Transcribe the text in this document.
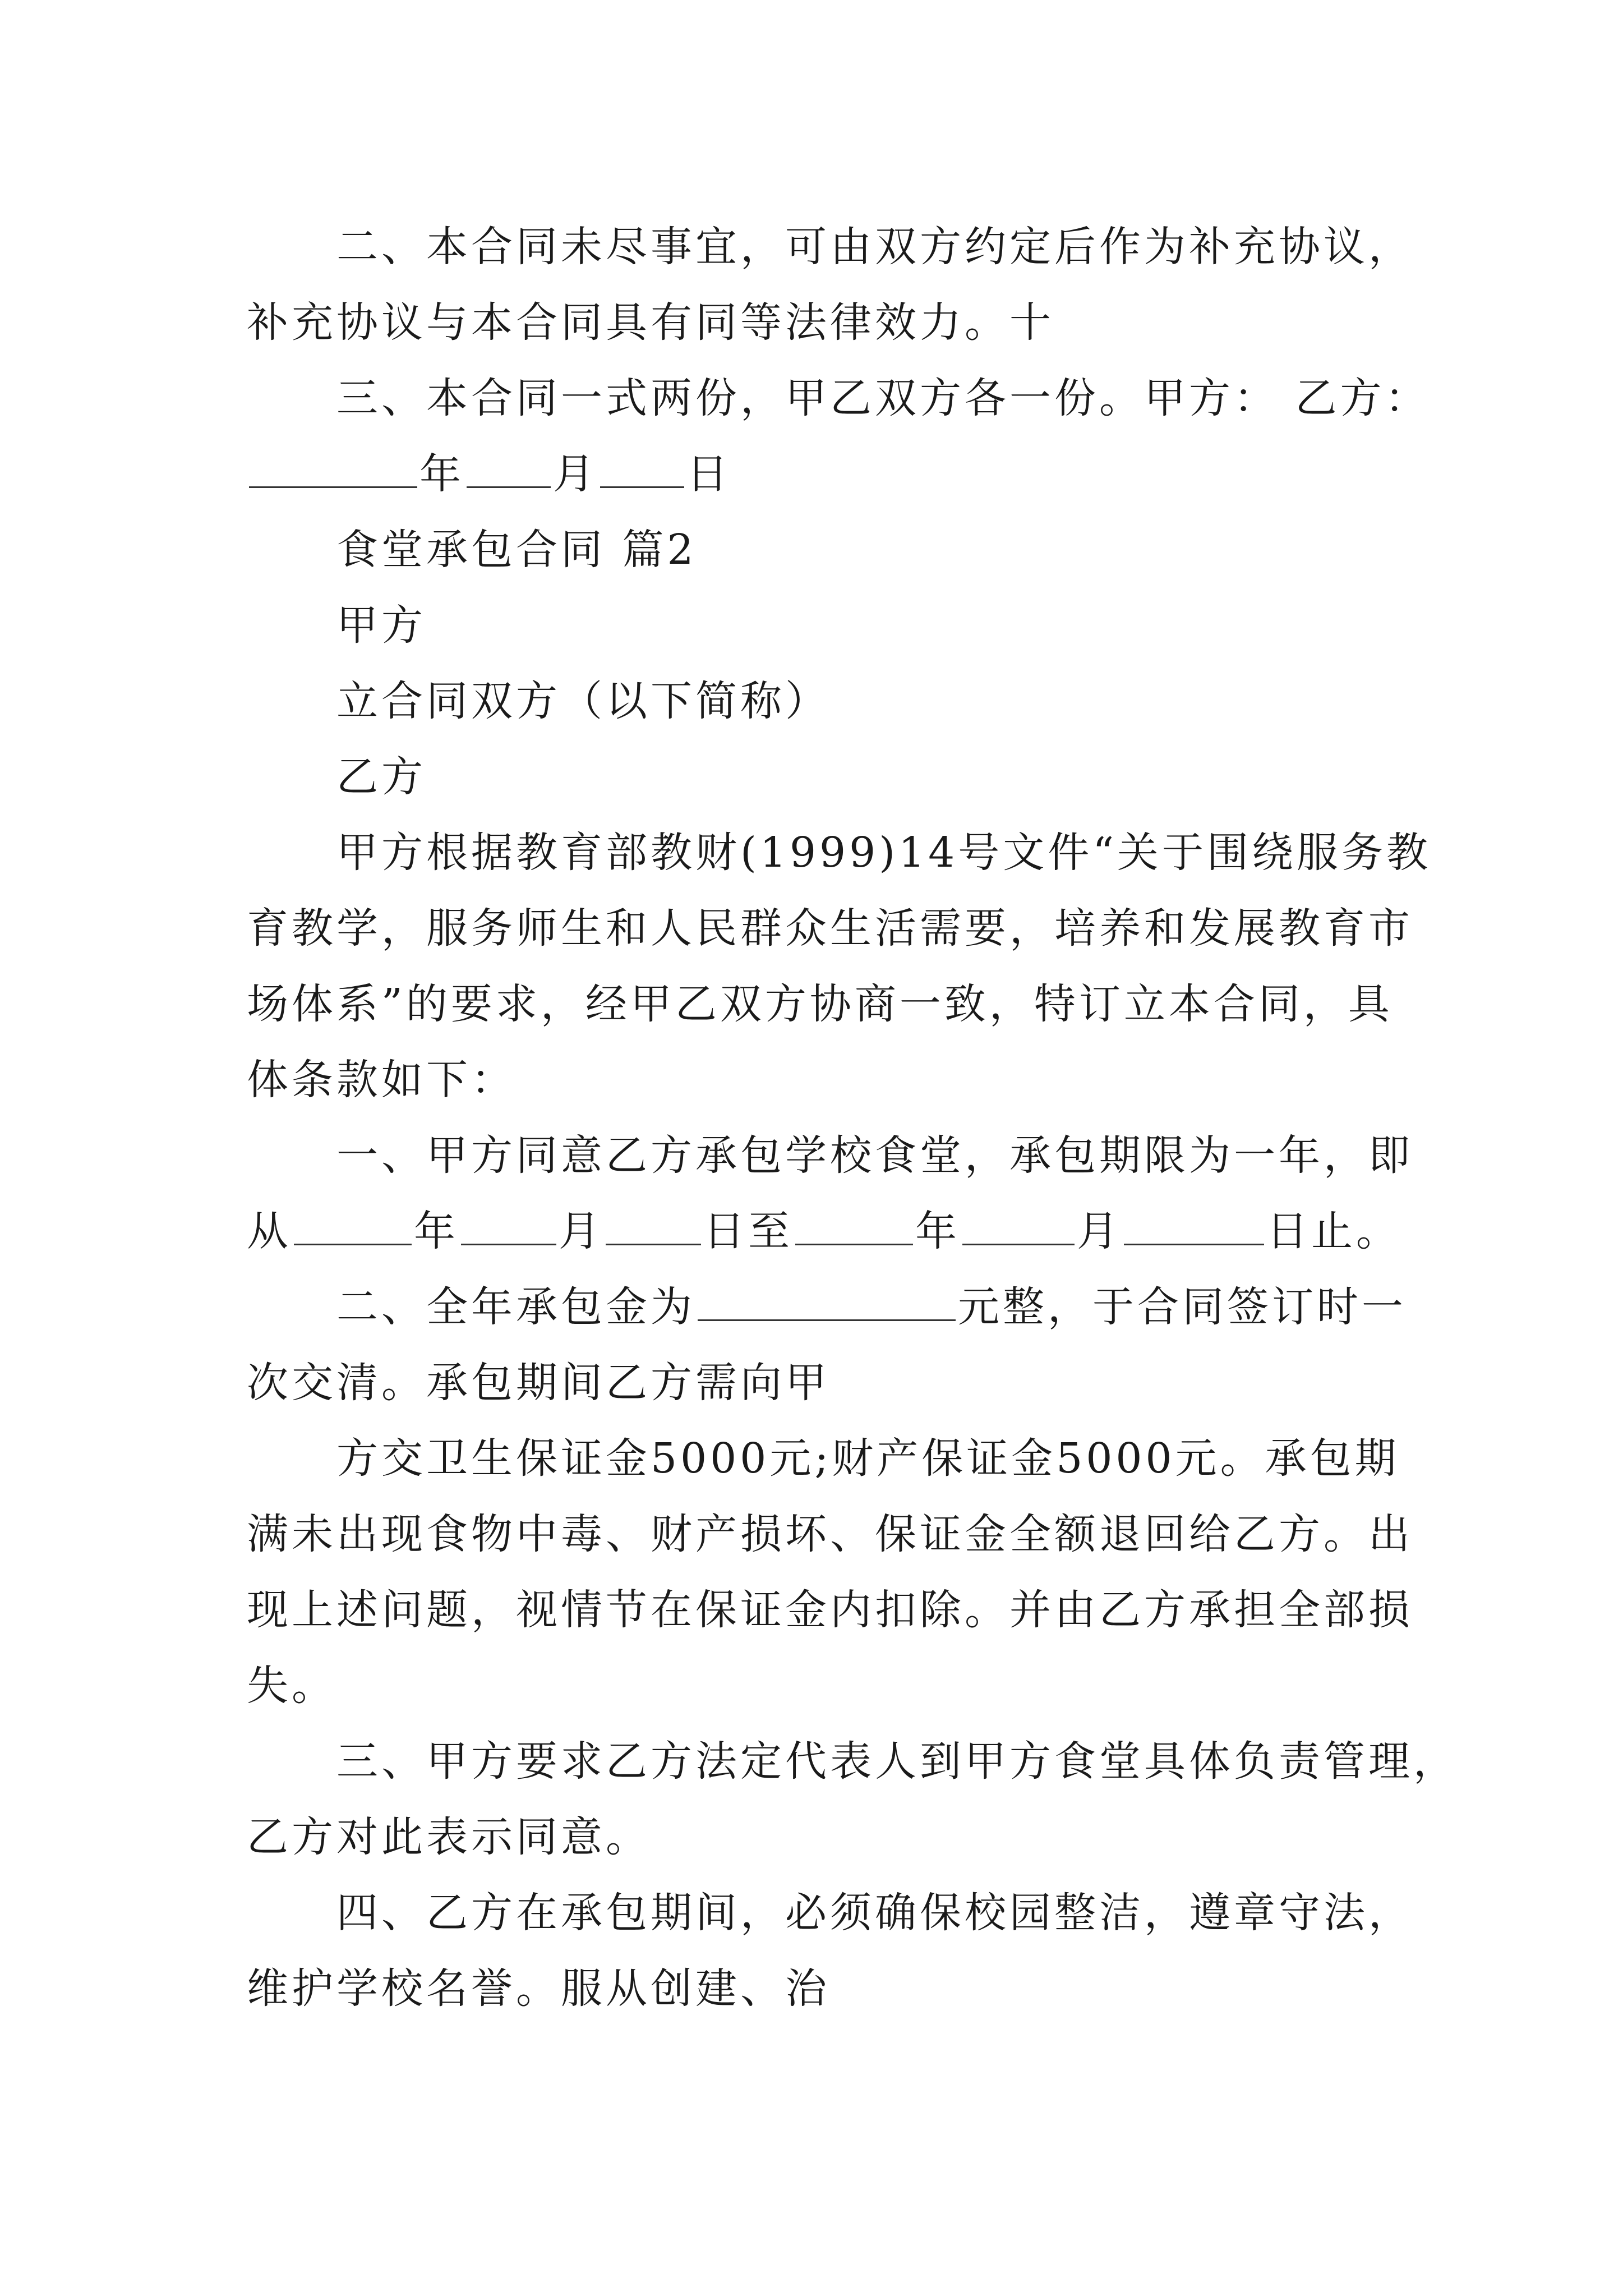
二、本合同未尽事宜，可由双方约定后作为补充协议，
补充协议与本合同具有同等法律效力。十
三、本合同一式两份，甲乙双方各一份。甲方： 乙方：
年 月 日
食堂承包合同 篇2
甲方
立合同双方（以下简称）
乙方
甲方根据教育部教财(1999)14号文件“关于围绕服务教
育教学，服务师生和人民群众生活需要，培养和发展教育市
场体系”的要求，经甲乙双方协商一致，特订立本合同，具
体条款如下：
一、甲方同意乙方承包学校食堂，承包期限为一年，即
从	年 月 日至	年	月	日止。
二、全年承包金为	元整，于合同签订时一
次交清。承包期间乙方需向甲
方交卫生保证金5000元;财产保证金5000元。承包期
满未出现食物中毒、财产损坏、保证金全额退回给乙方。出
现上述问题，视情节在保证金内扣除。并由乙方承担全部损
失。
三、甲方要求乙方法定代表人到甲方食堂具体负责管理，
乙方对此表示同意。
四、乙方在承包期间，必须确保校园整洁，遵章守法，
维护学校名誉。服从创建、治
